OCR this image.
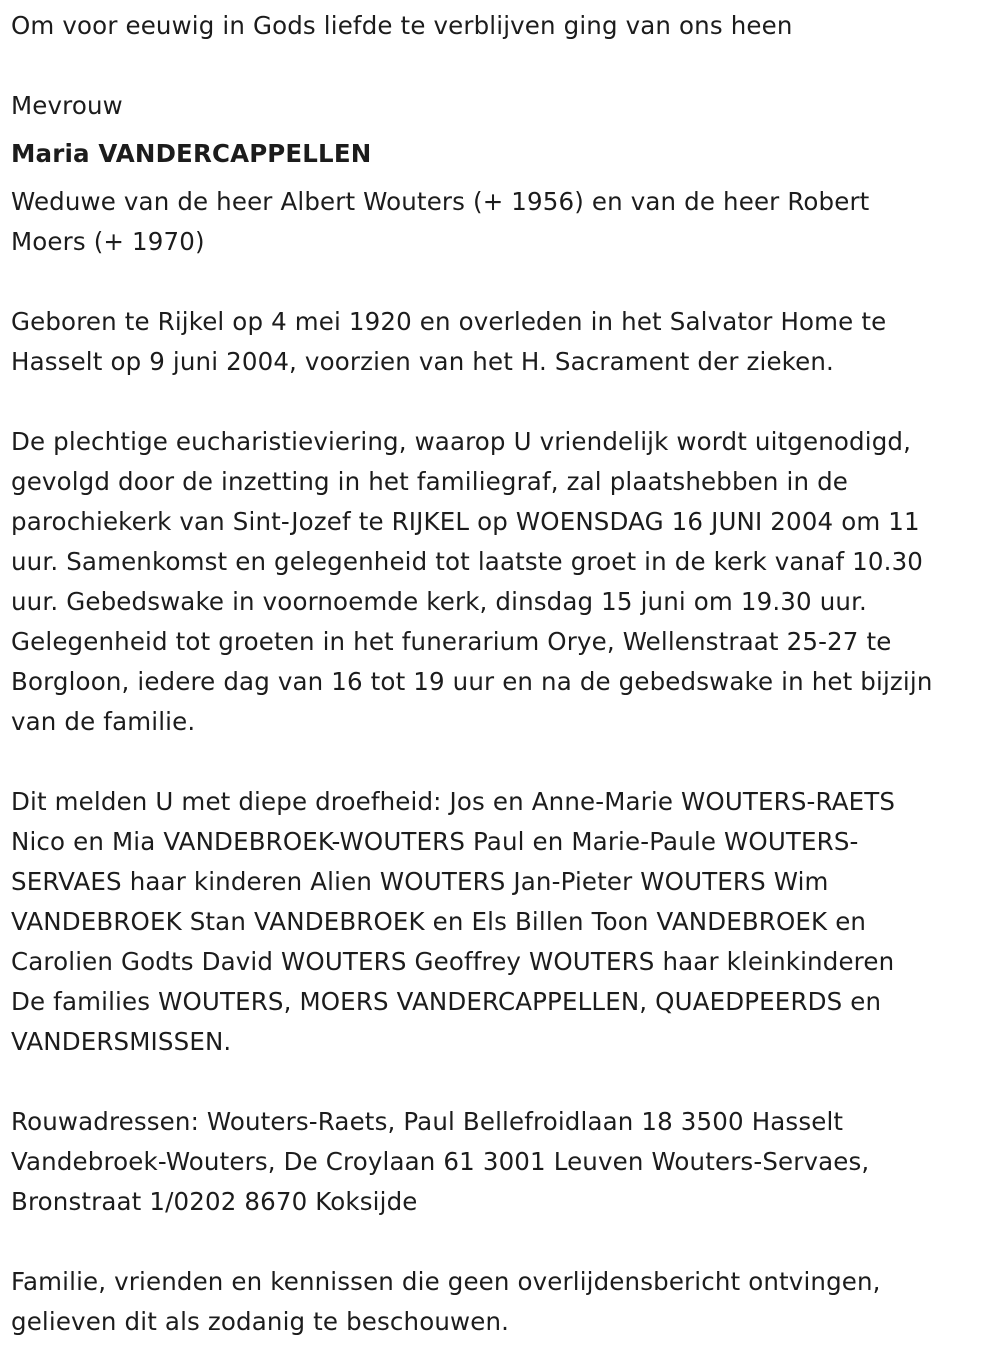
Om voor eeuwig in Gods liefde te verblijven ging van ons heen

Mevrouw

Maria VANDERCAPPELLEN

Weduwe van de heer Albert Wouters (+ 1956) en van de heer Robert

Moers (+ 1970)

Geboren te Rijkel op 4 mei 1920 en overleden in het Salvator Home te

Hasselt op 9 juni 2004, voorzien van het H. Sacrament der zieken.

De plechtige eucharistieviering, waarop U vriendelijk wordt uitgenodigd,

gevolgd door de inzetting in het familiegraf, zal plaatshebben in de

parochiekerk van Sint-Jozef te RIJKEL op WOENSDAG 16 JUNI 2004 om 11

uur. Samenkomst en gelegenheid tot laatste groet in de kerk vanaf 10.30

uur. Gebedswake in voornoemde kerk, dinsdag 15 juni om 19.30 uur.

Gelegenheid tot groeten in het funerarium Orye, Wellenstraat 25-27 te

Borgloon, iedere dag van 16 tot 19 uur en na de gebedswake in het bijzijn

van de familie.

Dit melden U met diepe droefheid: Jos en Anne-Marie WOUTERS-RAETS

Nico en Mia VANDEBROEK-WOUTERS Paul en Marie-Paule WOUTERS-

SERVAES haar kinderen Alien WOUTERS Jan-Pieter WOUTERS Wim

VANDEBROEK Stan VANDEBROEK en Els Billen Toon VANDEBROEK en

Carolien Godts David WOUTERS Geoffrey WOUTERS haar kleinkinderen

De families WOUTERS, MOERS VANDERCAPPELLEN, QUAEDPEERDS en

VANDERSMISSEN.

Rouwadressen: Wouters-Raets, Paul Bellefroidlaan 18 3500 Hasselt

Vandebroek-Wouters, De Croylaan 61 3001 Leuven Wouters-Servaes,

Bronstraat 1/0202 8670 Koksijde

Familie, vrienden en kennissen die geen overlijdensbericht ontvingen,

gelieven dit als zodanig te beschouwen.
